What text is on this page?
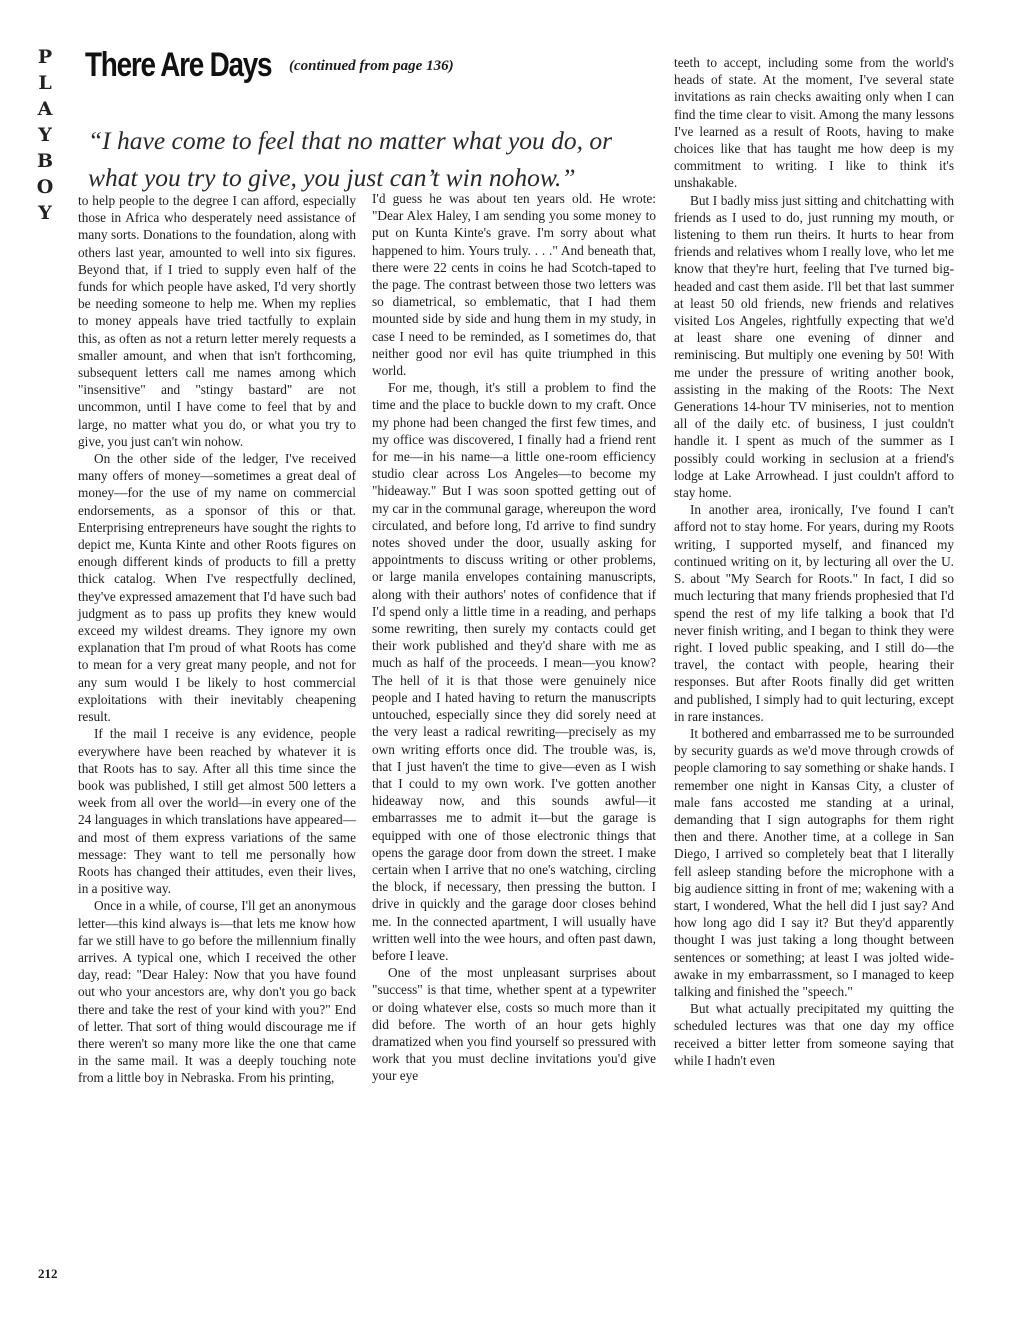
P
L
A
Y
B
O
Y
There Are Days (continued from page 136)
“I have come to feel that no matter what you do, or what you try to give, you just can’t win nohow.”

to help people to the degree I can afford, especially those in Africa who desperately need assistance of many sorts. Donations to the foundation, along with others last year, amounted to well into six figures. Beyond that, if I tried to supply even half of the funds for which people have asked, I'd very shortly be needing someone to help me. When my replies to money appeals have tried tactfully to explain this, as often as not a return letter merely requests a smaller amount, and when that isn't forthcoming, subsequent letters call me names among which "insensitive" and "stingy bastard" are not uncommon, until I have come to feel that by and large, no matter what you do, or what you try to give, you just can't win nohow.

On the other side of the ledger, I've received many offers of money—sometimes a great deal of money—for the use of my name on commercial endorsements, as a sponsor of this or that. Enterprising entrepreneurs have sought the rights to depict me, Kunta Kinte and other Roots figures on enough different kinds of products to fill a pretty thick catalog. When I've respectfully declined, they've expressed amazement that I'd have such bad judgment as to pass up profits they knew would exceed my wildest dreams. They ignore my own explanation that I'm proud of what Roots has come to mean for a very great many people, and not for any sum would I be likely to host commercial exploitations with their inevitably cheapening result.

If the mail I receive is any evidence, people everywhere have been reached by whatever it is that Roots has to say. After all this time since the book was published, I still get almost 500 letters a week from all over the world—in every one of the 24 languages in which translations have appeared—and most of them express variations of the same message: They want to tell me personally how Roots has changed their attitudes, even their lives, in a positive way.

Once in a while, of course, I'll get an anonymous letter—this kind always is—that lets me know how far we still have to go before the millennium finally arrives. A typical one, which I received the other day, read: "Dear Haley: Now that you have found out who your ancestors are, why don't you go back there and take the rest of your kind with you?" End of letter. That sort of thing would discourage me if there weren't so many more like the one that came in the same mail. It was a deeply touching note from a little boy in Nebraska. From his printing,

I'd guess he was about ten years old. He wrote: "Dear Alex Haley, I am sending you some money to put on Kunta Kinte's grave. I'm sorry about what happened to him. Yours truly. . . ." And beneath that, there were 22 cents in coins he had Scotch-taped to the page. The contrast between those two letters was so diametrical, so emblematic, that I had them mounted side by side and hung them in my study, in case I need to be reminded, as I sometimes do, that neither good nor evil has quite triumphed in this world.

For me, though, it's still a problem to find the time and the place to buckle down to my craft. Once my phone had been changed the first few times, and my office was discovered, I finally had a friend rent for me—in his name—a little one-room efficiency studio clear across Los Angeles—to become my "hideaway." But I was soon spotted getting out of my car in the communal garage, whereupon the word circulated, and before long, I'd arrive to find sundry notes shoved under the door, usually asking for appointments to discuss writing or other problems, or large manila envelopes containing manuscripts, along with their authors' notes of confidence that if I'd spend only a little time in a reading, and perhaps some rewriting, then surely my contacts could get their work published and they'd share with me as much as half of the proceeds. I mean—you know? The hell of it is that those were genuinely nice people and I hated having to return the manuscripts untouched, especially since they did sorely need at the very least a radical rewriting—precisely as my own writing efforts once did. The trouble was, is, that I just haven't the time to give—even as I wish that I could to my own work. I've gotten another hideaway now, and this sounds awful—it embarrasses me to admit it—but the garage is equipped with one of those electronic things that opens the garage door from down the street. I make certain when I arrive that no one's watching, circling the block, if necessary, then pressing the button. I drive in quickly and the garage door closes behind me. In the connected apartment, I will usually have written well into the wee hours, and often past dawn, before I leave.

One of the most unpleasant surprises about "success" is that time, whether spent at a typewriter or doing whatever else, costs so much more than it did before. The worth of an hour gets highly dramatized when you find yourself so pressured with work that you must decline invitations you'd give your eye

teeth to accept, including some from the world's heads of state. At the moment, I've several state invitations as rain checks awaiting only when I can find the time clear to visit. Among the many lessons I've learned as a result of Roots, having to make choices like that has taught me how deep is my commitment to writing. I like to think it's unshakable.

But I badly miss just sitting and chitchatting with friends as I used to do, just running my mouth, or listening to them run theirs. It hurts to hear from friends and relatives whom I really love, who let me know that they're hurt, feeling that I've turned big-headed and cast them aside. I'll bet that last summer at least 50 old friends, new friends and relatives visited Los Angeles, rightfully expecting that we'd at least share one evening of dinner and reminiscing. But multiply one evening by 50! With me under the pressure of writing another book, assisting in the making of the Roots: The Next Generations 14-hour TV miniseries, not to mention all of the daily etc. of business, I just couldn't handle it. I spent as much of the summer as I possibly could working in seclusion at a friend's lodge at Lake Arrowhead. I just couldn't afford to stay home.

In another area, ironically, I've found I can't afford not to stay home. For years, during my Roots writing, I supported myself, and financed my continued writing on it, by lecturing all over the U. S. about "My Search for Roots." In fact, I did so much lecturing that many friends prophesied that I'd spend the rest of my life talking a book that I'd never finish writing, and I began to think they were right. I loved public speaking, and I still do—the travel, the contact with people, hearing their responses. But after Roots finally did get written and published, I simply had to quit lecturing, except in rare instances.

It bothered and embarrassed me to be surrounded by security guards as we'd move through crowds of people clamoring to say something or shake hands. I remember one night in Kansas City, a cluster of male fans accosted me standing at a urinal, demanding that I sign autographs for them right then and there. Another time, at a college in San Diego, I arrived so completely beat that I literally fell asleep standing before the microphone with a big audience sitting in front of me; wakening with a start, I wondered, What the hell did I just say? And how long ago did I say it? But they'd apparently thought I was just taking a long thought between sentences or something; at least I was jolted wide-awake in my embarrassment, so I managed to keep talking and finished the "speech."

But what actually precipitated my quitting the scheduled lectures was that one day my office received a bitter letter from someone saying that while I hadn't even

212
